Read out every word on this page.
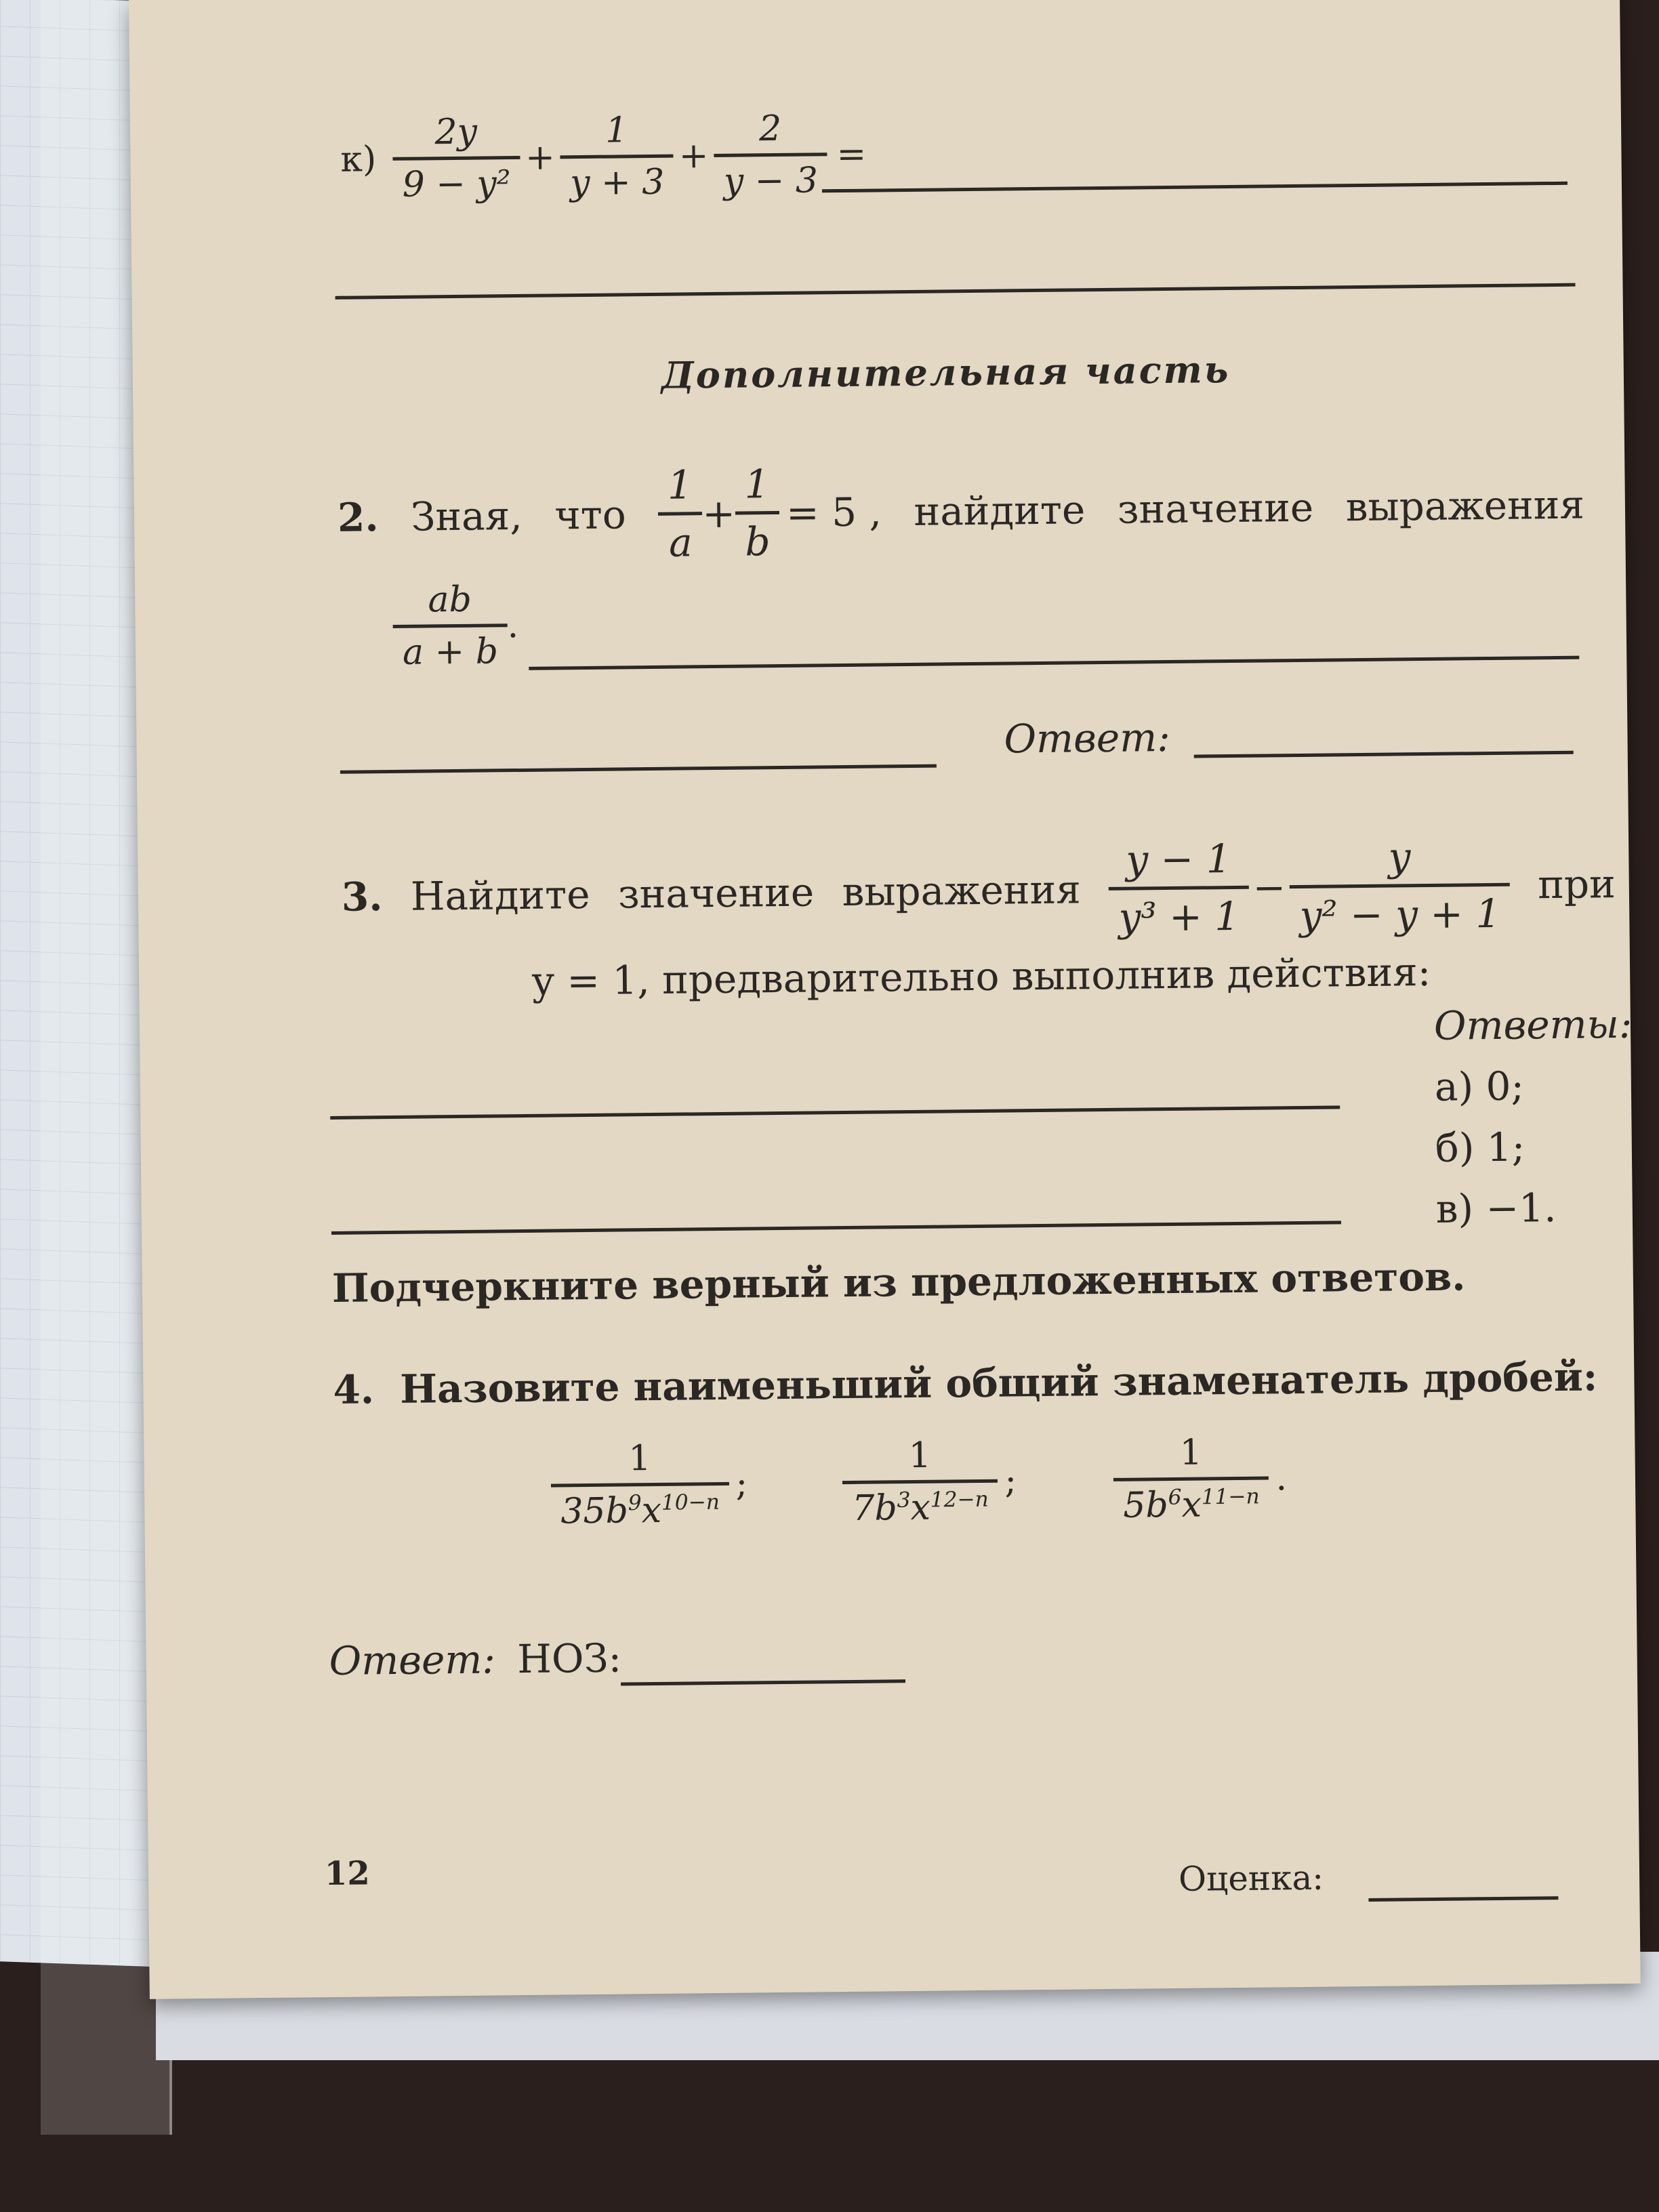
к)
2y
9 − y²
+
1
y + 3
+
2
y − 3
=
Дополнительная часть
2. Зная, что
1
a
+
1
b
= 5 , найдите значение выражения
ab
a + b
.
Ответ:
3. Найдите значение выражения
y − 1
y³ + 1
−
y
y² − y + 1
при
y = 1, предварительно выполнив действия:
Ответы:
а) 0;
б) 1;
в) −1.
Подчеркните верный из предложенных ответов.
4. Назовите наименьший общий знаменатель дробей:
1
$35b^9x^{10-n}$ ;
1
$7b^3x^{12-n}$ ;
1
$5b^6x^{11-n}$ .
Ответ: НОЗ:
12	Оценка:
